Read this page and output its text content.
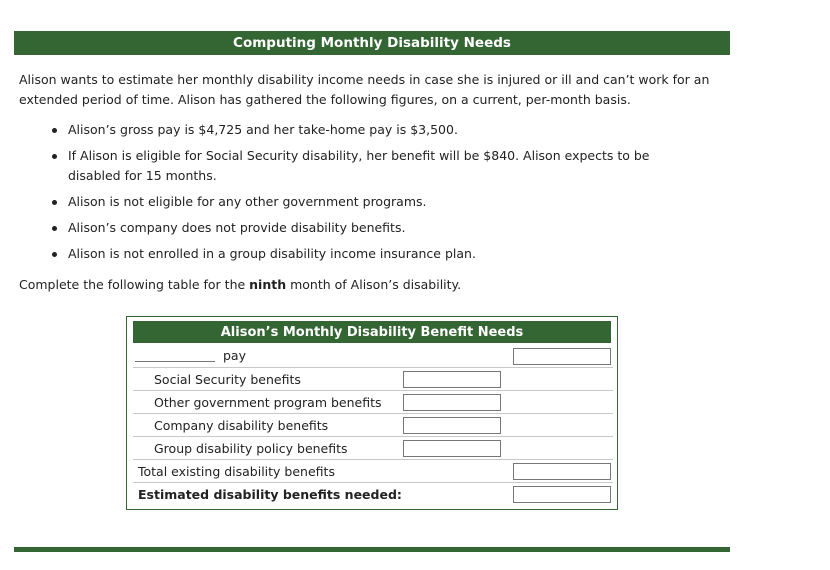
Computing Monthly Disability Needs
Alison wants to estimate her monthly disability income needs in case she is injured or ill and can’t work for an extended period of time. Alison has gathered the following figures, on a current, per-month basis.
Alison’s gross pay is $4,725 and her take-home pay is $3,500.
If Alison is eligible for Social Security disability, her benefit will be $840. Alison expects to be disabled for 15 months.
Alison is not eligible for any other government programs.
Alison’s company does not provide disability benefits.
Alison is not enrolled in a group disability income insurance plan.
Complete the following table for the ninth month of Alison’s disability.
Alison’s Monthly Disability Benefit Needs
pay
Social Security benefits
Other government program benefits
Company disability benefits
Group disability policy benefits
Total existing disability benefits
Estimated disability benefits needed:
